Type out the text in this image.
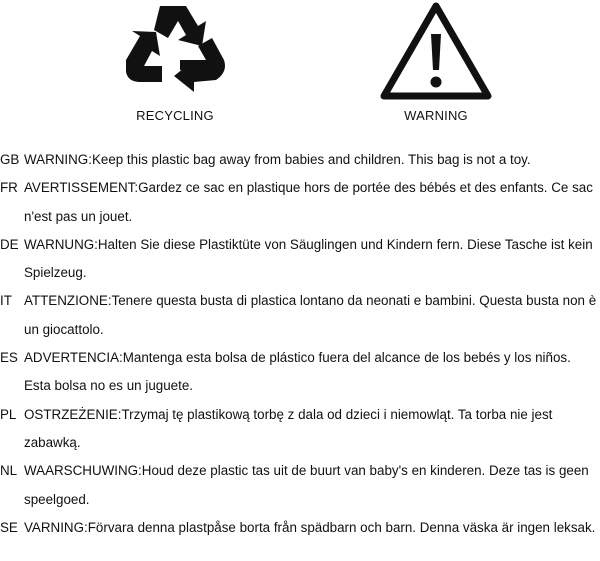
RECYCLING	WARNING
GB WARNING:Keep this plastic bag away from babies and children. This bag is not a toy.
FR AVERTISSEMENT:Gardez ce sac en plastique hors de portée des bébés et des enfants. Ce sac n'est pas un jouet.
DE WARNUNG:Halten Sie diese Plastiktüte von Säuglingen und Kindern fern. Diese Tasche ist kein Spielzeug.
IT ATTENZIONE:Tenere questa busta di plastica lontano da neonati e bambini. Questa busta non è un giocattolo.
ES ADVERTENCIA:Mantenga esta bolsa de plástico fuera del alcance de los bebés y los niños. Esta bolsa no es un juguete.
PL OSTRZEŻENIE:Trzymaj tę plastikową torbę z dala od dzieci i niemowląt. Ta torba nie jest zabawką.
NL WAARSCHUWING:Houd deze plastic tas uit de buurt van baby's en kinderen. Deze tas is geen speelgoed.
SE VARNING:Förvara denna plastpåse borta från spädbarn och barn. Denna väska är ingen leksak.
